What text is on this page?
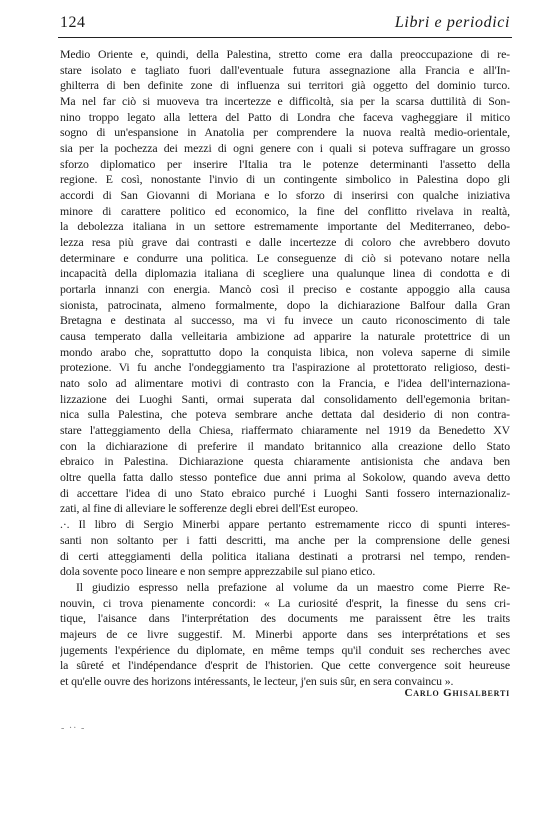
124	Libri e periodici
Medio Oriente e, quindi, della Palestina, stretto come era dalla preoccupazione di re-
stare isolato e tagliato fuori dall'eventuale futura assegnazione alla Francia e all'In-
ghilterra di ben definite zone di influenza sui territori già oggetto del dominio turco.
Ma nel far ciò si muoveva tra incertezze e difficoltà, sia per la scarsa duttilità di Son-
nino troppo legato alla lettera del Patto di Londra che faceva vagheggiare il mitico
sogno di un'espansione in Anatolia per comprendere la nuova realtà medio-orientale,
sia per la pochezza dei mezzi di ogni genere con i quali si poteva suffragare un grosso
sforzo diplomatico per inserire l'Italia tra le potenze determinanti l'assetto della
regione. E così, nonostante l'invio di un contingente simbolico in Palestina dopo gli
accordi di San Giovanni di Moriana e lo sforzo di inserirsi con qualche iniziativa
minore di carattere politico ed economico, la fine del conflitto rivelava in realtà,
la debolezza italiana in un settore estremamente importante del Mediterraneo, debo-
lezza resa più grave dai contrasti e dalle incertezze di coloro che avrebbero dovuto
determinare e condurre una politica. Le conseguenze di ciò si potevano notare nella
incapacità della diplomazia italiana di scegliere una qualunque linea di condotta e di
portarla innanzi con energia. Mancò così il preciso e costante appoggio alla causa
sionista, patrocinata, almeno formalmente, dopo la dichiarazione Balfour dalla Gran
Bretagna e destinata al successo, ma vi fu invece un cauto riconoscimento di tale
causa temperato dalla velleitaria ambizione ad apparire la naturale protettrice di un
mondo arabo che, soprattutto dopo la conquista libica, non voleva saperne di simile
protezione. Vi fu anche l'ondeggiamento tra l'aspirazione al protettorato religioso, desti-
nato solo ad alimentare motivi di contrasto con la Francia, e l'idea dell'internaziona-
lizzazione dei Luoghi Santi, ormai superata dal consolidamento dell'egemonia britan-
nica sulla Palestina, che poteva sembrare anche dettata dal desiderio di non contra-
stare l'atteggiamento della Chiesa, riaffermato chiaramente nel 1919 da Benedetto XV
con la dichiarazione di preferire il mandato britannico alla creazione dello Stato
ebraico in Palestina. Dichiarazione questa chiaramente antisionista che andava ben
oltre quella fatta dallo stesso pontefice due anni prima al Sokolow, quando aveva detto
di accettare l'idea di uno Stato ebraico purché i Luoghi Santi fossero internazionaliz-
zati, al fine di alleviare le sofferenze degli ebrei dell'Est europeo.
.·. Il libro di Sergio Minerbi appare pertanto estremamente ricco di spunti interes-
santi non soltanto per i fatti descritti, ma anche per la comprensione delle genesi
di certi atteggiamenti della politica italiana destinati a protrarsi nel tempo, renden-
dola sovente poco lineare e non sempre apprezzabile sul piano etico.
Il giudizio espresso nella prefazione al volume da un maestro come Pierre Re-
nouvin, ci trova pienamente concordi: « La curiosité d'esprit, la finesse du sens cri-
tique, l'aisance dans l'interprétation des documents me paraissent être les traits
majeurs de ce livre suggestif. M. Minerbi apporte dans ses interprétations et ses
jugements l'expérience du diplomate, en même temps qu'il conduit ses recherches avec
la sûreté et l'indépendance d'esprit de l'historien. Que cette convergence soit heureuse
et qu'elle ouvre des horizons intéressants, le lecteur, j'en suis sûr, en sera convaincu ».
Carlo Ghisalberti
- ·· -
